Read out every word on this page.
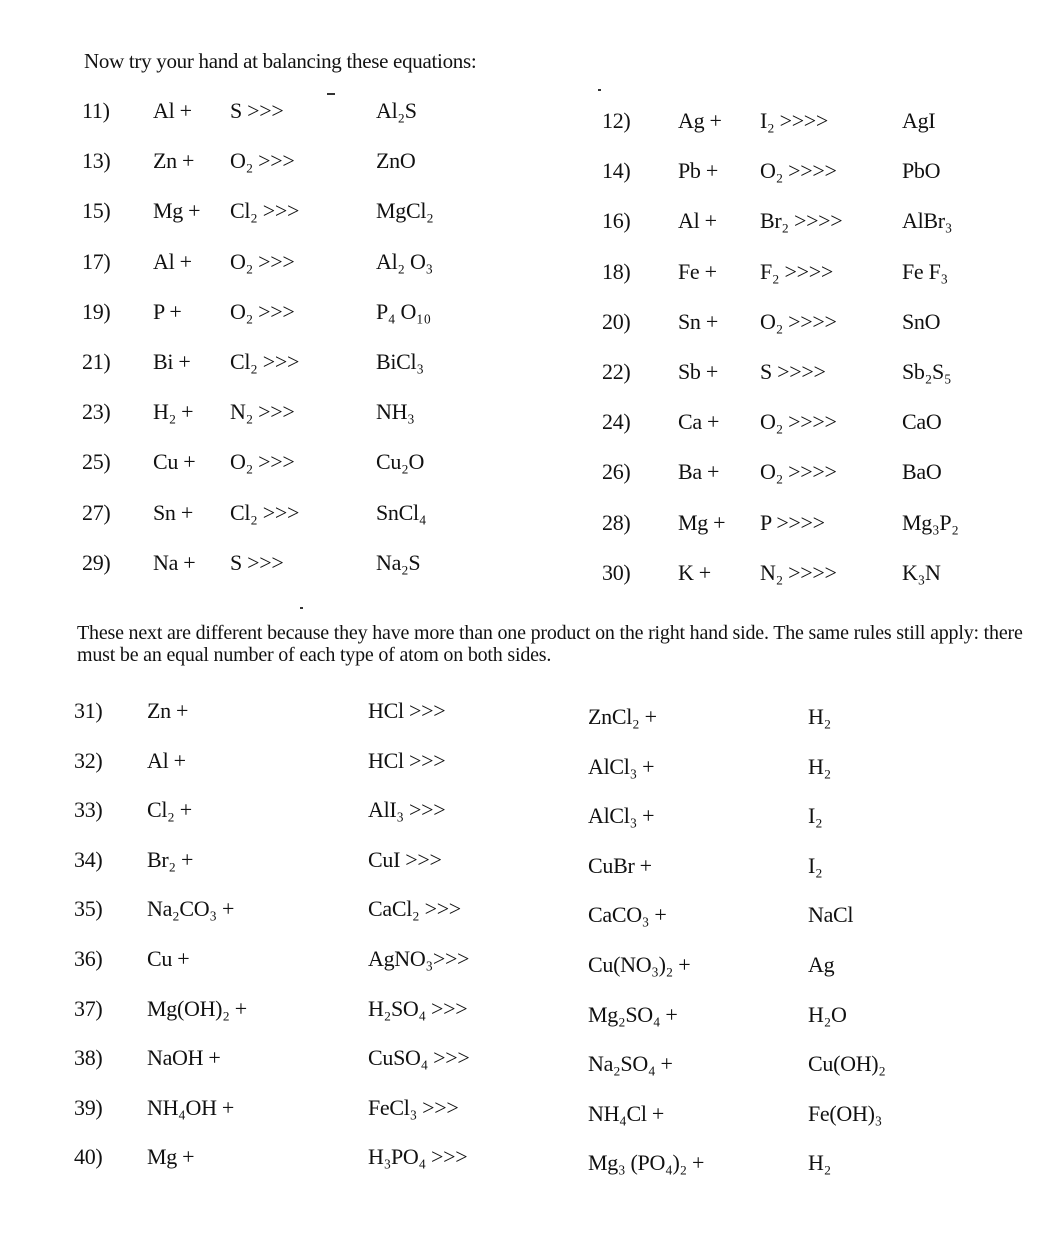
Now try your hand at balancing these equations:
11) Al + S >>>	Al₂S
13) Zn + O₂ >>>	ZnO
15) Mg + Cl₂ >>>	MgCl₂
17) Al + O₂ >>>	Al₂ O₃
19) P + O₂ >>>	P₄ O₁₀
21) Bi + Cl₂ >>>	BiCl₃
23) H₂ + N₂ >>>	NH₃
25) Cu + O₂ >>>	Cu₂O
27) Sn + Cl₂ >>>	SnCl₄
29) Na + S >>>	Na₂S
12) Ag + I₂ >>>>	AgI
14) Pb + O₂ >>>>	PbO
16) Al + Br₂ >>>>	AlBr₃
18) Fe + F₂ >>>>	Fe F₃
20) Sn + O₂ >>>>	SnO
22) Sb + S >>>>	Sb₂S₅
24) Ca + O₂ >>>>	CaO
26) Ba + O₂ >>>>	BaO
28) Mg + P >>>>	Mg₃P₂
30) K + N₂ >>>>	K₃N
These next are different because they have more than one product on the right hand side. The same rules still apply: there must be an equal number of each type of atom on both sides.
31) Zn +	HCl >>>	ZnCl₂ +	H₂
32) Al +	HCl >>>	AlCl₃ +	H₂
33) Cl₂ +	AlI₃ >>>	AlCl₃ +	I₂
34) Br₂ +	CuI >>>	CuBr +	I₂
35) Na₂CO₃ +	CaCl₂ >>>	CaCO₃ +	NaCl
36) Cu +	AgNO₃>>>	Cu(NO₃)₂ +	Ag
37) Mg(OH)₂ +	H₂SO₄ >>>	Mg₂SO₄ +	H₂O
38) NaOH +	CuSO₄ >>>	Na₂SO₄ +	Cu(OH)₂
39) NH₄OH +	FeCl₃ >>>	NH₄Cl +	Fe(OH)₃
40) Mg +	H₃PO₄ >>>	Mg₃ (PO₄)₂ +	H₂
